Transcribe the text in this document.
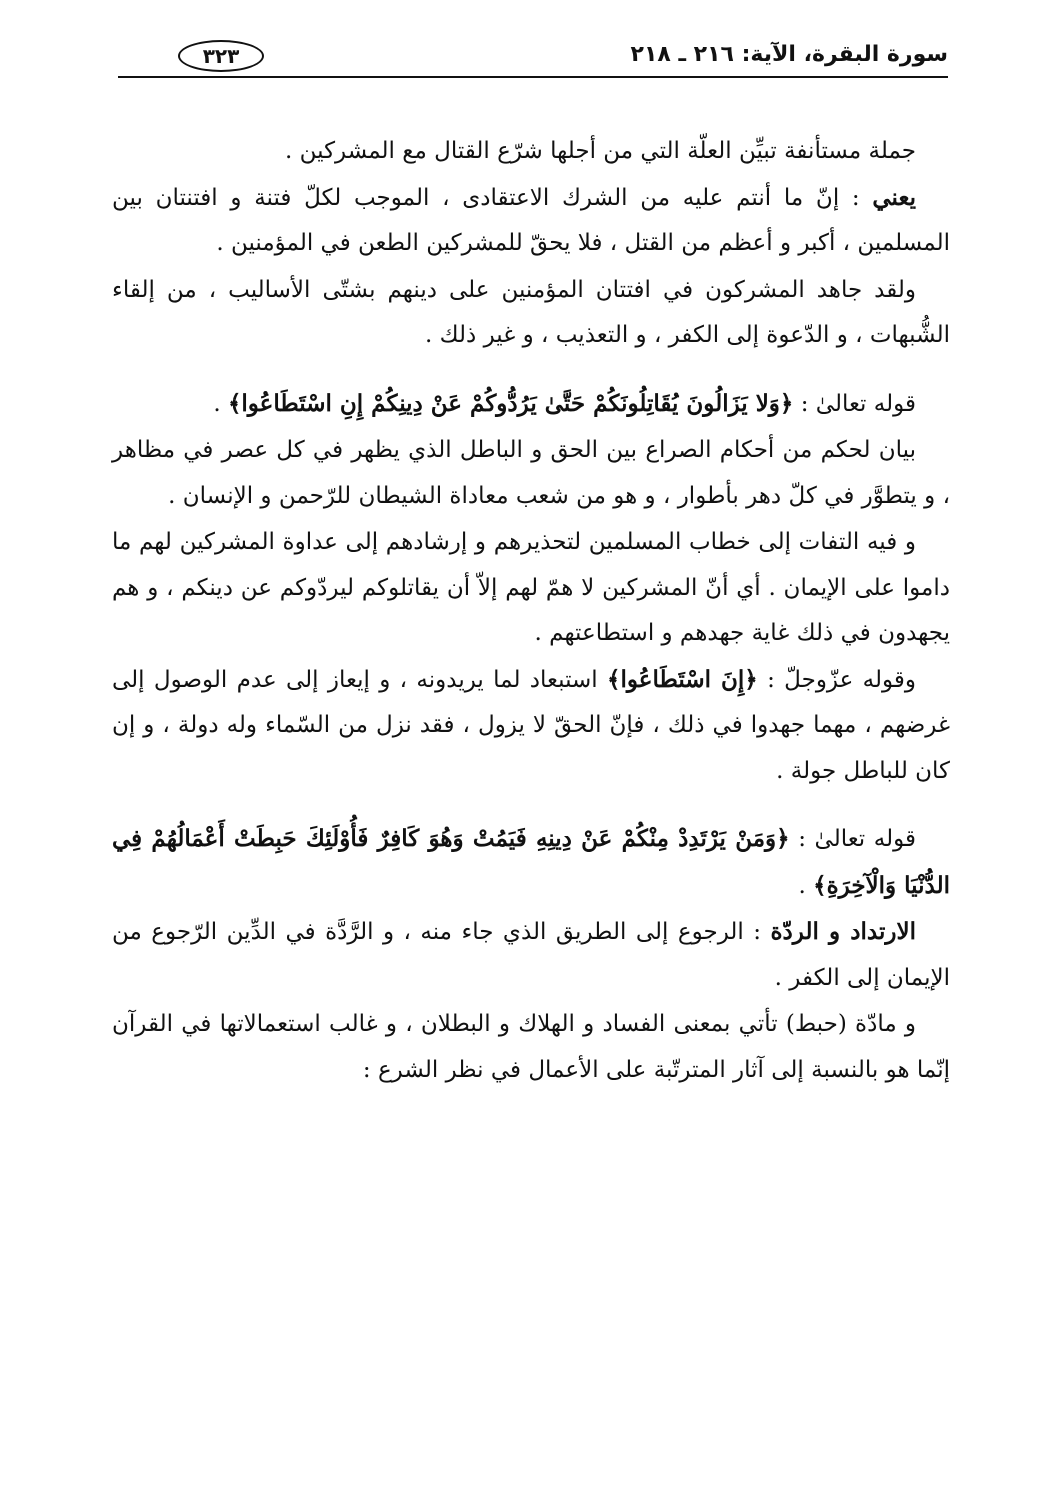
سورة البقرة، الآية: ٢١٦ ـ ٢١٨
٣٢٣

جملة مستأنفة تبيِّن العلّة التي من أجلها شرّع القتال مع المشركين .

يعني : إنّ ما أنتم عليه من الشرك الاعتقادى ، الموجب لكلّ فتنة و افتنتان بين المسلمين ، أكبر و أعظم من القتل ، فلا يحقّ للمشركين الطعن في المؤمنين .

ولقد جاهد المشركون في افتتان المؤمنين على دينهم بشتّى الأساليب ، من إلقاء الشُّبهات ، و الدّعوة إلى الكفر ، و التعذيب ، و غير ذلك .

قوله تعالىٰ : ﴿وَلا يَزَالُونَ يُقَاتِلُونَكُمْ حَتَّىٰ يَرُدُّوكُمْ عَنْ دِينِكُمْ إِنِ اسْتَطَاعُوا﴾ .

بيان لحكم من أحكام الصراع بين الحق و الباطل الذي يظهر في كل عصر في مظاهر ، و يتطوَّر في كلّ دهر بأطوار ، و هو من شعب معاداة الشيطان للرّحمن و الإنسان .

و فيه التفات إلى خطاب المسلمين لتحذيرهم و إرشادهم إلى عداوة المشركين لهم ما داموا على الإيمان . أي أنّ المشركين لا همّ لهم إلاّ أن يقاتلوكم ليردّوكم عن دينكم ، و هم يجهدون في ذلك غاية جهدهم و استطاعتهم .

وقوله عزّوجلّ : ﴿إِنَ اسْتَطَاعُوا﴾ استبعاد لما يريدونه ، و إيعاز إلى عدم الوصول إلى غرضهم ، مهما جهدوا في ذلك ، فإنّ الحقّ لا يزول ، فقد نزل من السّماء وله دولة ، و إن كان للباطل جولة .

قوله تعالىٰ : ﴿وَمَنْ يَرْتَدِدْ مِنْكُمْ عَنْ دِينِهِ فَيَمُتْ وَهُوَ كَافِرٌ فَأُوْلَئِكَ حَبِطَتْ أَعْمَالُهُمْ فِي الدُّنْيَا وَالْآخِرَةِ﴾ .

الارتداد و الردّة : الرجوع إلى الطريق الذي جاء منه ، و الرَّدَّة في الدِّين الرّجوع من الإيمان إلى الكفر .

و مادّة (حبط) تأتي بمعنى الفساد و الهلاك و البطلان ، و غالب استعمالاتها في القرآن إنّما هو بالنسبة إلى آثار المترتّبة على الأعمال في نظر الشرع :
